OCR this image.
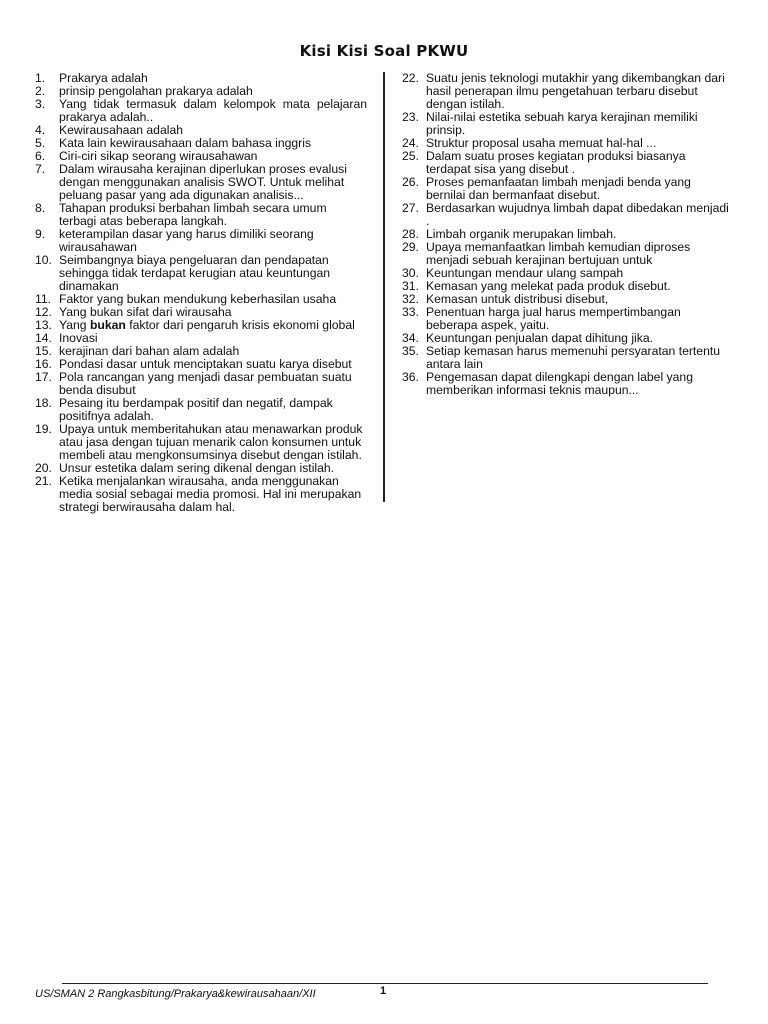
Kisi Kisi Soal PKWU
1.	Prakarya adalah
2.	prinsip pengolahan prakarya adalah
3.	Yang tidak termasuk dalam kelompok mata pelajaran prakarya adalah..
4.	Kewirausahaan adalah
5.	Kata lain kewirausahaan dalam bahasa inggris
6.	Ciri-ciri sikap seorang wirausahawan
7.	Dalam wirausaha kerajinan diperlukan proses evalusi dengan menggunakan analisis SWOT. Untuk melihat peluang pasar yang ada digunakan analisis...
8.	Tahapan produksi berbahan limbah secara umum terbagi atas beberapa langkah.
9.	keterampilan dasar yang harus dimiliki seorang wirausahawan
10. Seimbangnya biaya pengeluaran dan pendapatan sehingga tidak terdapat kerugian atau keuntungan dinamakan
11. Faktor yang bukan mendukung keberhasilan usaha
12. Yang bukan sifat dari wirausaha
13. Yang bukan faktor dari pengaruh krisis ekonomi global
14. Inovasi
15. kerajinan dari bahan alam adalah
16. Pondasi dasar untuk menciptakan suatu karya disebut
17. Pola rancangan yang menjadi dasar pembuatan suatu benda disubut
18. Pesaing itu berdampak positif dan negatif, dampak positifnya adalah.
19. Upaya untuk memberitahukan atau menawarkan produk atau jasa dengan tujuan menarik calon konsumen untuk membeli atau mengkonsumsinya disebut dengan istilah.
20. Unsur estetika dalam sering dikenal dengan istilah.
21. Ketika menjalankan wirausaha, anda menggunakan media sosial sebagai media promosi. Hal ini merupakan strategi berwirausaha dalam hal.
22. Suatu jenis teknologi mutakhir yang dikembangkan dari hasil penerapan ilmu pengetahuan terbaru disebut dengan istilah.
23. Nilai-nilai estetika sebuah karya kerajinan memiliki prinsip.
24. Struktur proposal usaha memuat hal-hal ...
25. Dalam suatu proses kegiatan produksi biasanya terdapat sisa yang disebut .
26. Proses pemanfaatan limbah menjadi benda yang bernilai dan bermanfaat disebut.
27. Berdasarkan wujudnya limbah dapat dibedakan menjadi .
28. Limbah organik merupakan limbah.
29. Upaya memanfaatkan limbah kemudian diproses menjadi sebuah kerajinan bertujuan untuk
30. Keuntungan mendaur ulang sampah
31. Kemasan yang melekat pada produk disebut.
32. Kemasan untuk distribusi disebut,
33. Penentuan harga jual harus mempertimbangan beberapa aspek, yaitu.
34. Keuntungan penjualan dapat dihitung jika.
35. Setiap kemasan harus memenuhi persyaratan tertentu antara lain
36. Pengemasan dapat dilengkapi dengan label yang memberikan informasi teknis maupun...
US/SMAN 2 Rangkasbitung/Prakarya&kewirausahaan/XII	1
